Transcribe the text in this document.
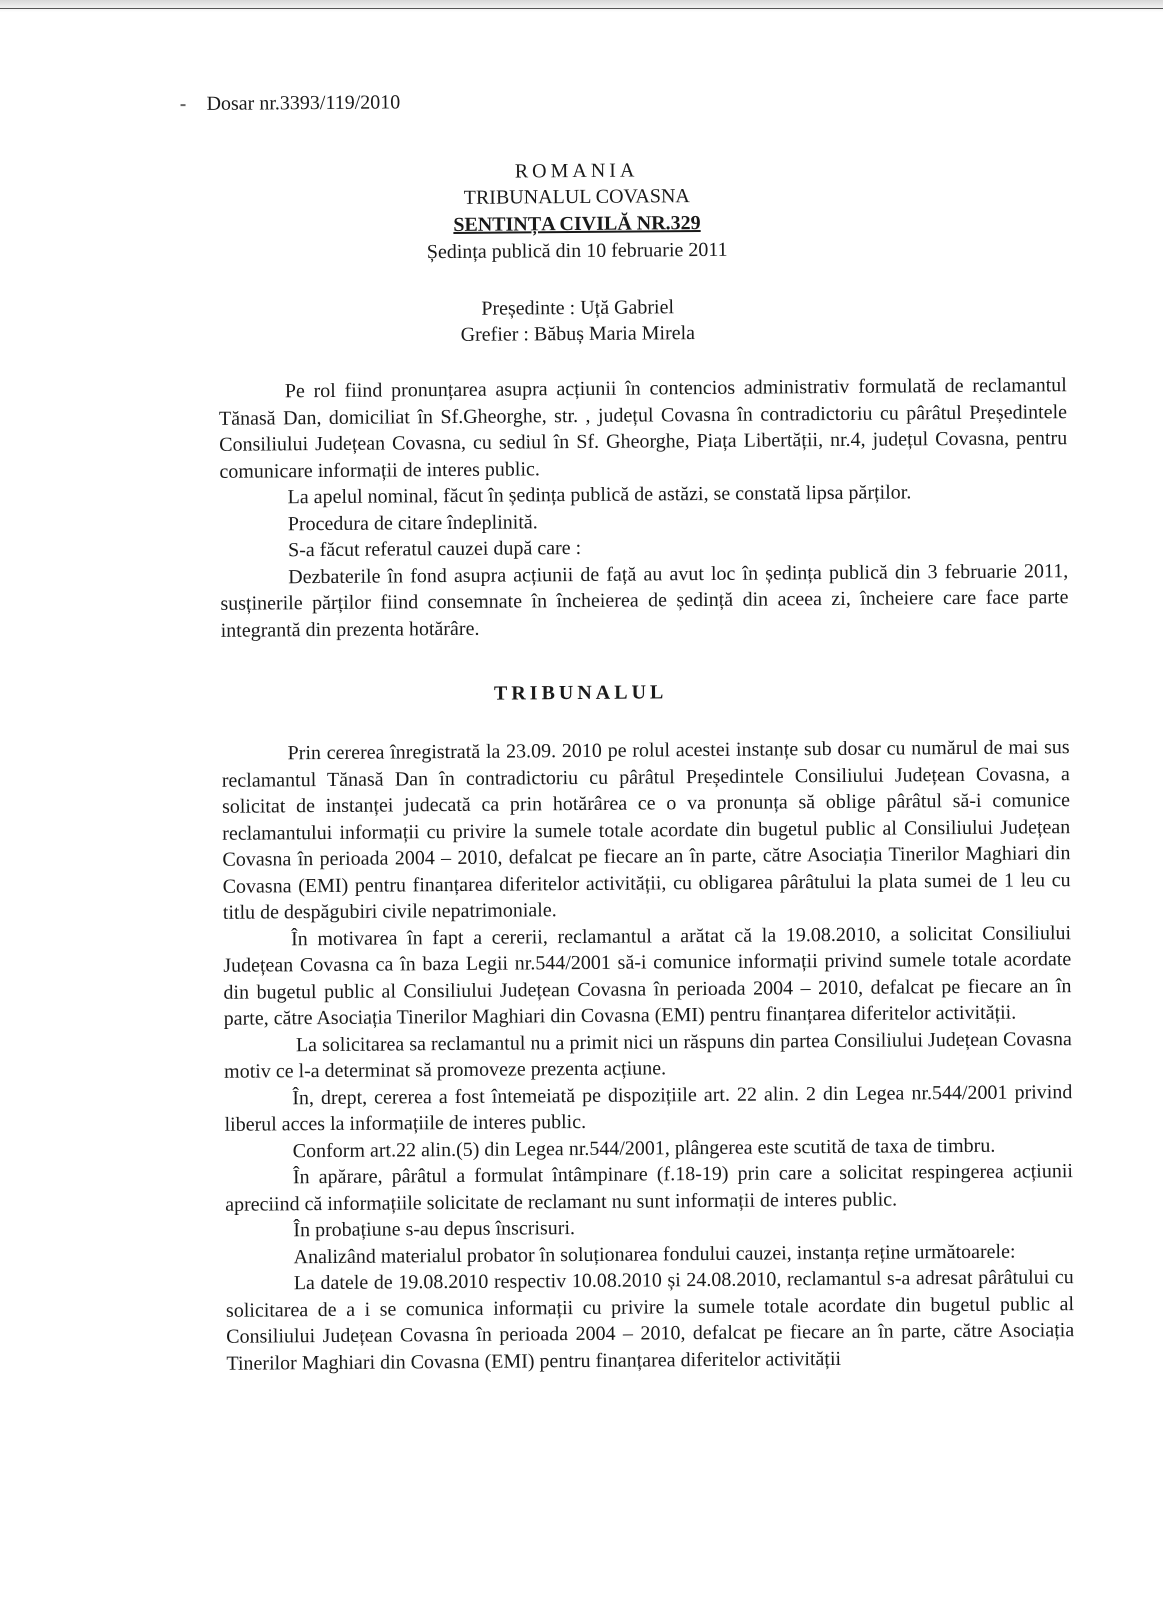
Dosar nr.3393/119/2010
ROMANIA
TRIBUNALUL COVASNA
SENTINȚA CIVILĂ NR.329
Ședința publică din 10 februarie 2011
Președinte : Uță Gabriel
Grefier : Băbuș Maria Mirela

Pe rol fiind pronunțarea asupra acțiunii în contencios administrativ formulată de reclamantul Tănasă Dan, domiciliat în Sf.Gheorghe, str. , județul Covasna în contradictoriu cu pârâtul Președintele Consiliului Județean Covasna, cu sediul în Sf. Gheorghe, Piața Libertății, nr.4, județul Covasna, pentru comunicare informații de interes public.

La apelul nominal, făcut în ședința publică de astăzi, se constată lipsa părților.

Procedura de citare îndeplinită.

S-a făcut referatul cauzei după care :

Dezbaterile în fond asupra acțiunii de față au avut loc în ședința publică din 3 februarie 2011, susținerile părților fiind consemnate în încheierea de ședință din aceea zi, încheiere care face parte integrantă din prezenta hotărâre.

TRIBUNALUL

Prin cererea înregistrată la 23.09. 2010 pe rolul acestei instanțe sub dosar cu numărul de mai sus reclamantul Tănasă Dan în contradictoriu cu pârâtul Președintele Consiliului Județean Covasna, a solicitat de instanței judecată ca prin hotărârea ce o va pronunța să oblige pârâtul să-i comunice reclamantului informații cu privire la sumele totale acordate din bugetul public al Consiliului Județean Covasna în perioada 2004 – 2010, defalcat pe fiecare an în parte, către Asociația Tinerilor Maghiari din Covasna (EMI) pentru finanțarea diferitelor activitățiі, cu obligarea pârâtului la plata sumei de 1 leu cu titlu de despăgubiri civile nepatrimoniale.

În motivarea în fapt a cererii, reclamantul a arătat că la 19.08.2010, a solicitat Consiliului Județean Covasna ca în baza Legii nr.544/2001 să-i comunice informații privind sumele totale acordate din bugetul public al Consiliului Județean Covasna în perioada 2004 – 2010, defalcat pe fiecare an în parte, către Asociația Tinerilor Maghiari din Covasna (EMI) pentru finanțarea diferitelor activitățiі.

La solicitarea sa reclamantul nu a primit nici un răspuns din partea Consiliului Județean Covasna motiv ce l-a determinat să promoveze prezenta acțiune.

În, drept, cererea a fost întemeiată pe dispozițiile art. 22 alin. 2 din Legea nr.544/2001 privind liberul acces la informațiile de interes public.

Conform art.22 alin.(5) din Legea nr.544/2001, plângerea este scutită de taxa de timbru.

În apărare, pârâtul a formulat întâmpinare (f.18-19) prin care a solicitat respingerea acțiunii apreciind că informațiile solicitate de reclamant nu sunt informații de interes public.

În probațiune s-au depus înscrisuri.

Analizând materialul probator în soluționarea fondului cauzei, instanța reține următoarele:

La datele de 19.08.2010 respectiv 10.08.2010 și 24.08.2010, reclamantul s-a adresat pârâtului cu solicitarea de a i se comunica informații cu privire la sumele totale acordate din bugetul public al Consiliului Județean Covasna în perioada 2004 – 2010, defalcat pe fiecare an în parte, către Asociația Tinerilor Maghiari din Covasna (EMI) pentru finanțarea diferitelor activitățiі
